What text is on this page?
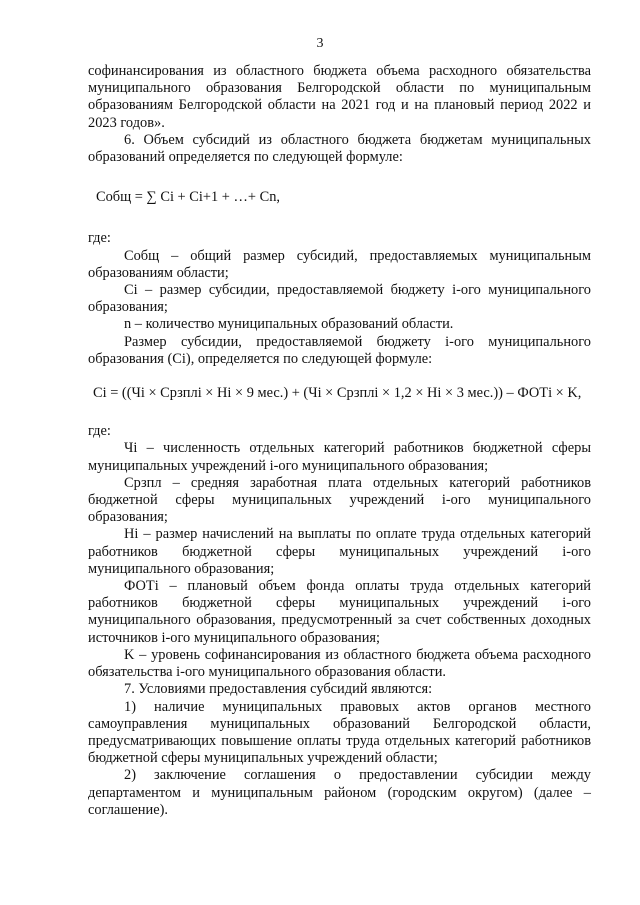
3

софинансирования из областного бюджета объема расходного обязательства муниципального образования Белгородской области по муниципальным образованиям Белгородской области на 2021 год и на плановый период 2022 и 2023 годов».

6. Объем субсидий из областного бюджета бюджетам муниципальных образований определяется по следующей формуле:

Cобщ = ∑ Ci + Ci+1 + …+ Cn,

где:

Cобщ – общий размер субсидий, предоставляемых муниципальным образованиям области;

Ci – размер субсидии, предоставляемой бюджету i-ого муниципального образования;

n – количество муниципальных образований области.

Размер субсидии, предоставляемой бюджету i-ого муниципального образования (Ci), определяется по следующей формуле:

Ci = ((Чi × Срзплi × Нi × 9 мес.) + (Чi × Срзплi × 1,2 × Нi × 3 мес.)) – ФОТi × K,

где:

Чi – численность отдельных категорий работников бюджетной сферы муниципальных учреждений i-ого муниципального образования;

Срзпл – средняя заработная плата отдельных категорий работников бюджетной сферы муниципальных учреждений i-ого муниципального образования;

Нi – размер начислений на выплаты по оплате труда отдельных категорий работников бюджетной сферы муниципальных учреждений i-ого муниципального образования;

ФОТi – плановый объем фонда оплаты труда отдельных категорий работников бюджетной сферы муниципальных учреждений i-ого муниципального образования, предусмотренный за счет собственных доходных источников i-ого муниципального образования;

K – уровень софинансирования из областного бюджета объема расходного обязательства i-ого муниципального образования области.

7. Условиями предоставления субсидий являются:

1) наличие муниципальных правовых актов органов местного самоуправления муниципальных образований Белгородской области, предусматривающих повышение оплаты труда отдельных категорий работников бюджетной сферы муниципальных учреждений области;

2) заключение соглашения о предоставлении субсидии между департаментом и муниципальным районом (городским округом) (далее – соглашение).
